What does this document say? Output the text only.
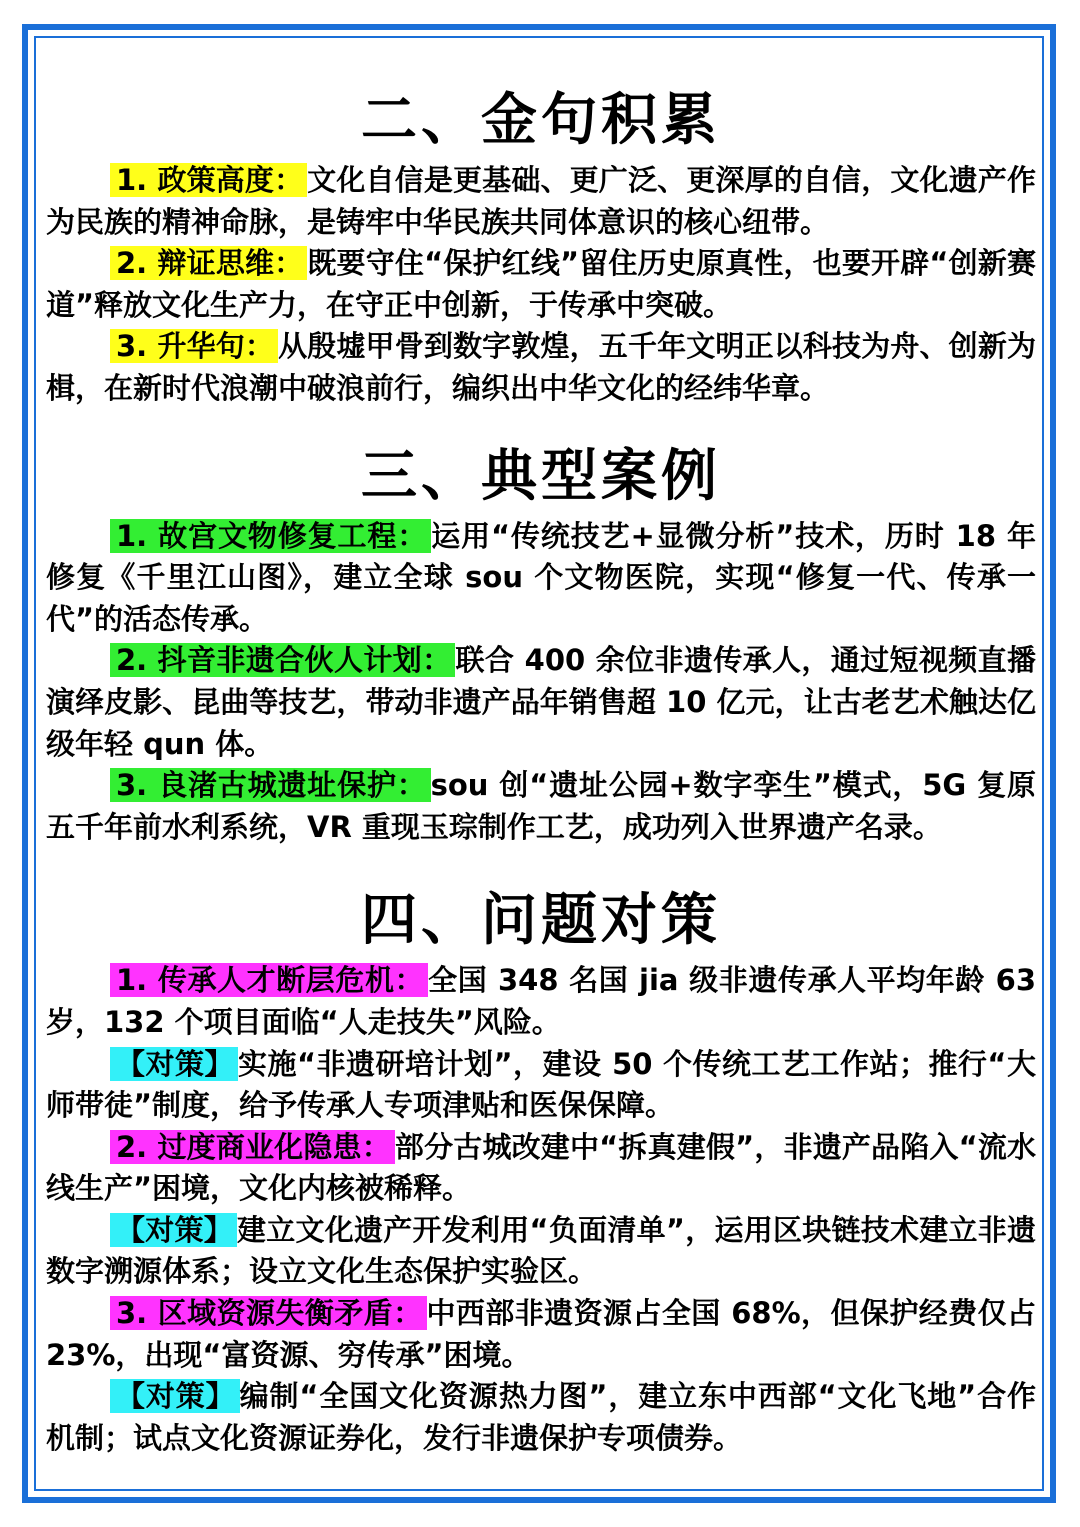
二、金句积累

1. 政策高度： 文化自信是更基础、更广泛、更深厚的自信，文化遗产作为民族的精神命脉，是铸牢中华民族共同体意识的核心纽带。

2. 辩证思维： 既要守住“保护红线”留住历史原真性，也要开辟“创新赛道”释放文化生产力，在守正中创新，于传承中突破。

3. 升华句： 从殷墟甲骨到数字敦煌，五千年文明正以科技为舟、创新为楫，在新时代浪潮中破浪前行，编织出中华文化的经纬华章。

三、典型案例

1. 故宫文物修复工程： 运用“传统技艺+显微分析”技术，历时 18 年修复《千里江山图》，建立全球 sou 个文物医院，实现“修复一代、传承一代”的活态传承。

2. 抖音非遗合伙人计划： 联合 400 余位非遗传承人，通过短视频直播演绎皮影、昆曲等技艺，带动非遗产品年销售超 10 亿元，让古老艺术触达亿级年轻 qun 体。

3. 良渚古城遗址保护： sou 创“遗址公园+数字孪生”模式，5G 复原五千年前水利系统，VR 重现玉琮制作工艺，成功列入世界遗产名录。

四、问题对策

1. 传承人才断层危机： 全国 348 名国 jia 级非遗传承人平均年龄 63 岁，132 个项目面临“人走技失”风险。

【对策】 实施“非遗研培计划”，建设 50 个传统工艺工作站；推行“大师带徒”制度，给予传承人专项津贴和医保保障。

2. 过度商业化隐患： 部分古城改建中“拆真建假”，非遗产品陷入“流水线生产”困境，文化内核被稀释。

【对策】 建立文化遗产开发利用“负面清单”，运用区块链技术建立非遗数字溯源体系；设立文化生态保护实验区。

3. 区域资源失衡矛盾： 中西部非遗资源占全国 68%，但保护经费仅占 23%，出现“富资源、穷传承”困境。

【对策】 编制“全国文化资源热力图”，建立东中西部“文化飞地”合作机制；试点文化资源证券化，发行非遗保护专项债券。
